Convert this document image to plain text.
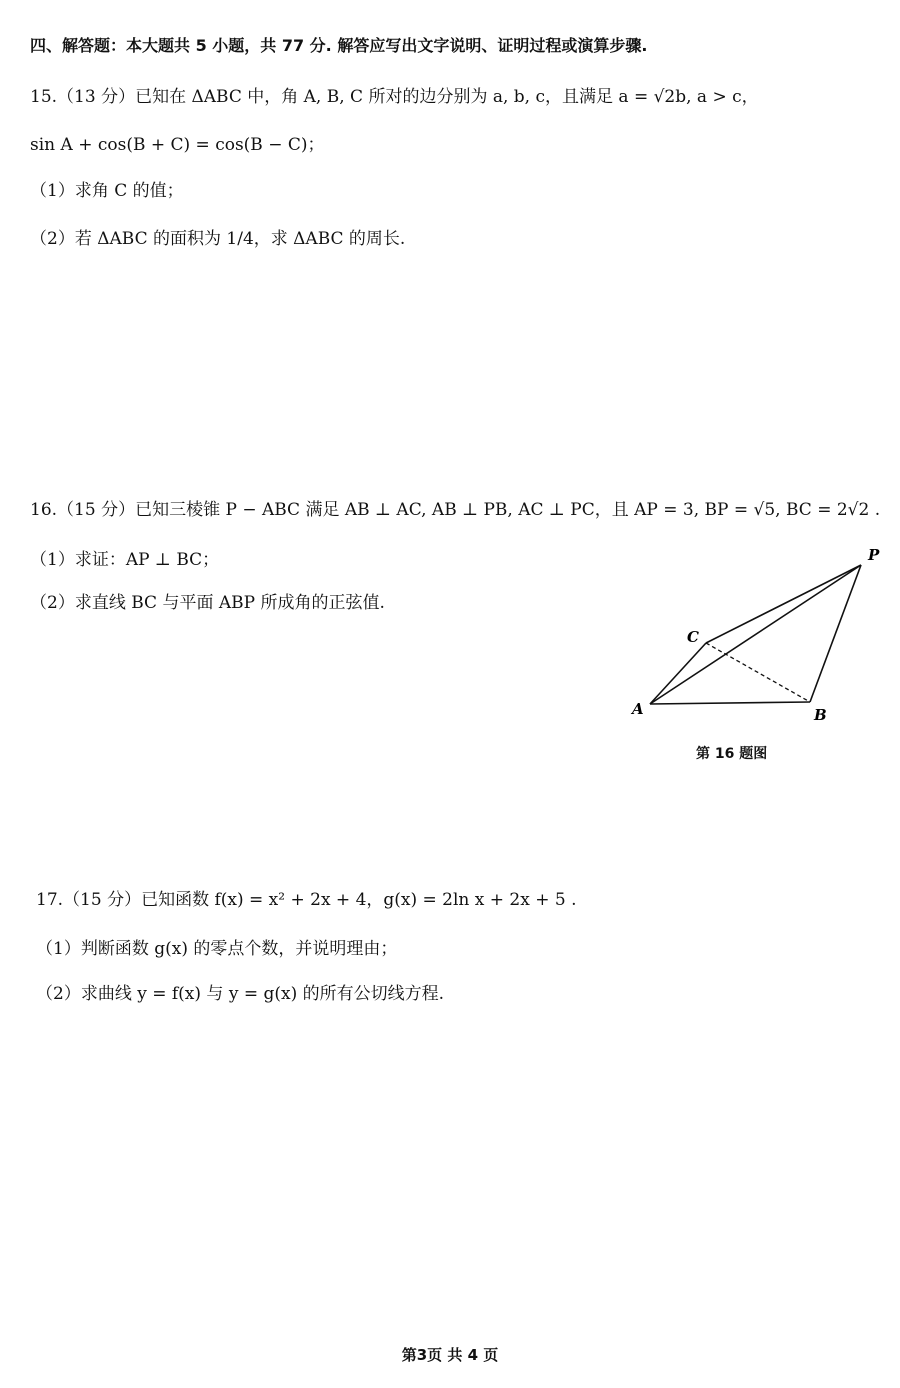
四、解答题：本大题共 5 小题，共 77 分. 解答应写出文字说明、证明过程或演算步骤.
15.（13 分）已知在 ΔABC 中，角 A, B, C 所对的边分别为 a, b, c，且满足 a = √2b, a > c，
sin A + cos(B + C) = cos(B − C)；
（1）求角 C 的值；
（2）若 ΔABC 的面积为 1/4，求 ΔABC 的周长.
16.（15 分）已知三棱锥 P − ABC 满足 AB ⊥ AC, AB ⊥ PB, AC ⊥ PC，且 AP = 3, BP = √5, BC = 2√2 .
（1）求证：AP ⊥ BC；
（2）求直线 BC 与平面 ABP 所成角的正弦值.
P
C
A	B
第 16 题图
17.（15 分）已知函数 f(x) = x² + 2x + 4，g(x) = 2ln x + 2x + 5 .
（1）判断函数 g(x) 的零点个数，并说明理由；
（2）求曲线 y = f(x) 与 y = g(x) 的所有公切线方程.
第3页 共 4 页
